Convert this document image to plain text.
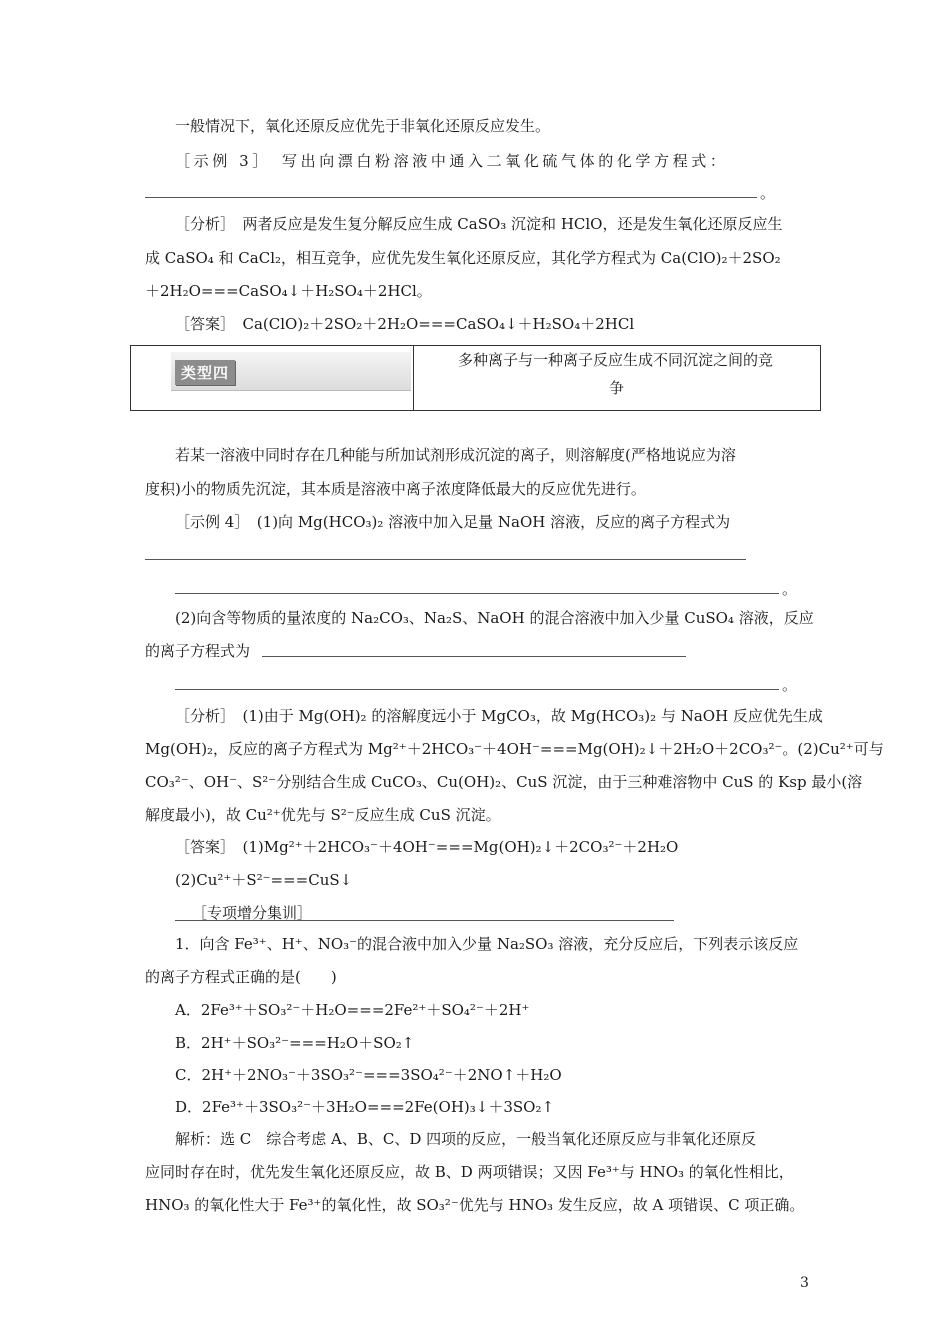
一般情况下，氧化还原反应优先于非氧化还原反应发生。
［示例 3］　写出向漂白粉溶液中通入二氧化硫气体的化学方程式：
。
［分析］　两者反应是发生复分解反应生成 CaSO₃ 沉淀和 HClO，还是发生氧化还原反应生
成 CaSO₄ 和 CaCl₂，相互竞争，应优先发生氧化还原反应，其化学方程式为 Ca(ClO)₂＋2SO₂
＋2H₂O===CaSO₄↓＋H₂SO₄＋2HCl。
［答案］　Ca(ClO)₂＋2SO₂＋2H₂O===CaSO₄↓＋H₂SO₄＋2HCl
类型四
多种离子与一种离子反应生成不同沉淀之间的竞
争
若某一溶液中同时存在几种能与所加试剂形成沉淀的离子，则溶解度(严格地说应为溶
度积)小的物质先沉淀，其本质是溶液中离子浓度降低最大的反应优先进行。
［示例 4］　(1)向 Mg(HCO₃)₂ 溶液中加入足量 NaOH 溶液，反应的离子方程式为
。
(2)向含等物质的量浓度的 Na₂CO₃、Na₂S、NaOH 的混合溶液中加入少量 CuSO₄ 溶液，反应
的离子方程式为
。
［分析］　(1)由于 Mg(OH)₂ 的溶解度远小于 MgCO₃，故 Mg(HCO₃)₂ 与 NaOH 反应优先生成
Mg(OH)₂，反应的离子方程式为 Mg²⁺＋2HCO₃⁻＋4OH⁻===Mg(OH)₂↓＋2H₂O＋2CO₃²⁻。(2)Cu²⁺可与
CO₃²⁻、OH⁻、S²⁻分别结合生成 CuCO₃、Cu(OH)₂、CuS 沉淀，由于三种难溶物中 CuS 的 Ksp 最小(溶
解度最小)，故 Cu²⁺优先与 S²⁻反应生成 CuS 沉淀。
［答案］　(1)Mg²⁺＋2HCO₃⁻＋4OH⁻===Mg(OH)₂↓＋2CO₃²⁻＋2H₂O
(2)Cu²⁺＋S²⁻===CuS↓
［专项增分集训］
1．向含 Fe³⁺、H⁺、NO₃⁻的混合液中加入少量 Na₂SO₃ 溶液，充分反应后，下列表示该反应
的离子方程式正确的是(　　)
A．2Fe³⁺＋SO₃²⁻＋H₂O===2Fe²⁺＋SO₄²⁻＋2H⁺
B．2H⁺＋SO₃²⁻===H₂O＋SO₂↑
C．2H⁺＋2NO₃⁻＋3SO₃²⁻===3SO₄²⁻＋2NO↑＋H₂O
D．2Fe³⁺＋3SO₃²⁻＋3H₂O===2Fe(OH)₃↓＋3SO₂↑
解析：选 C　综合考虑 A、B、C、D 四项的反应，一般当氧化还原反应与非氧化还原反
应同时存在时，优先发生氧化还原反应，故 B、D 两项错误；又因 Fe³⁺与 HNO₃ 的氧化性相比，
HNO₃ 的氧化性大于 Fe³⁺的氧化性，故 SO₃²⁻优先与 HNO₃ 发生反应，故 A 项错误、C 项正确。
3
